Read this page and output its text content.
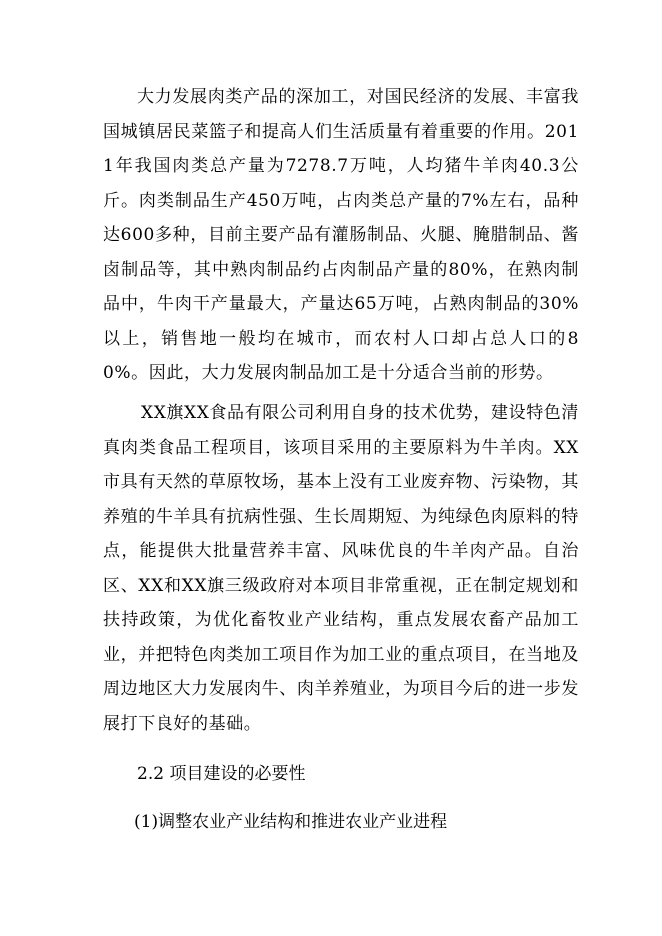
大力发展肉类产品的深加工，对国民经济的发展、丰富我国城镇居民菜篮子和提高人们生活质量有着重要的作用。2011年我国肉类总产量为7278.7万吨，人均猪牛羊肉40.3公斤。肉类制品生产450万吨，占肉类总产量的7%左右，品种达600多种，目前主要产品有灌肠制品、火腿、腌腊制品、酱卤制品等，其中熟肉制品约占肉制品产量的80%，在熟肉制品中，牛肉干产量最大，产量达65万吨，占熟肉制品的30%以上，销售地一般均在城市，而农村人口却占总人口的80%。因此，大力发展肉制品加工是十分适合当前的形势。

XX旗XX食品有限公司利用自身的技术优势，建设特色清真肉类食品工程项目，该项目采用的主要原料为牛羊肉。XX市具有天然的草原牧场，基本上没有工业废弃物、污染物，其养殖的牛羊具有抗病性强、生长周期短、为纯绿色肉原料的特点，能提供大批量营养丰富、风味优良的牛羊肉产品。自治区、XX和XX旗三级政府对本项目非常重视，正在制定规划和扶持政策，为优化畜牧业产业结构，重点发展农畜产品加工业，并把特色肉类加工项目作为加工业的重点项目，在当地及周边地区大力发展肉牛、肉羊养殖业，为项目今后的进一步发展打下良好的基础。

2.2 项目建设的必要性

(1)调整农业产业结构和推进农业产业进程
